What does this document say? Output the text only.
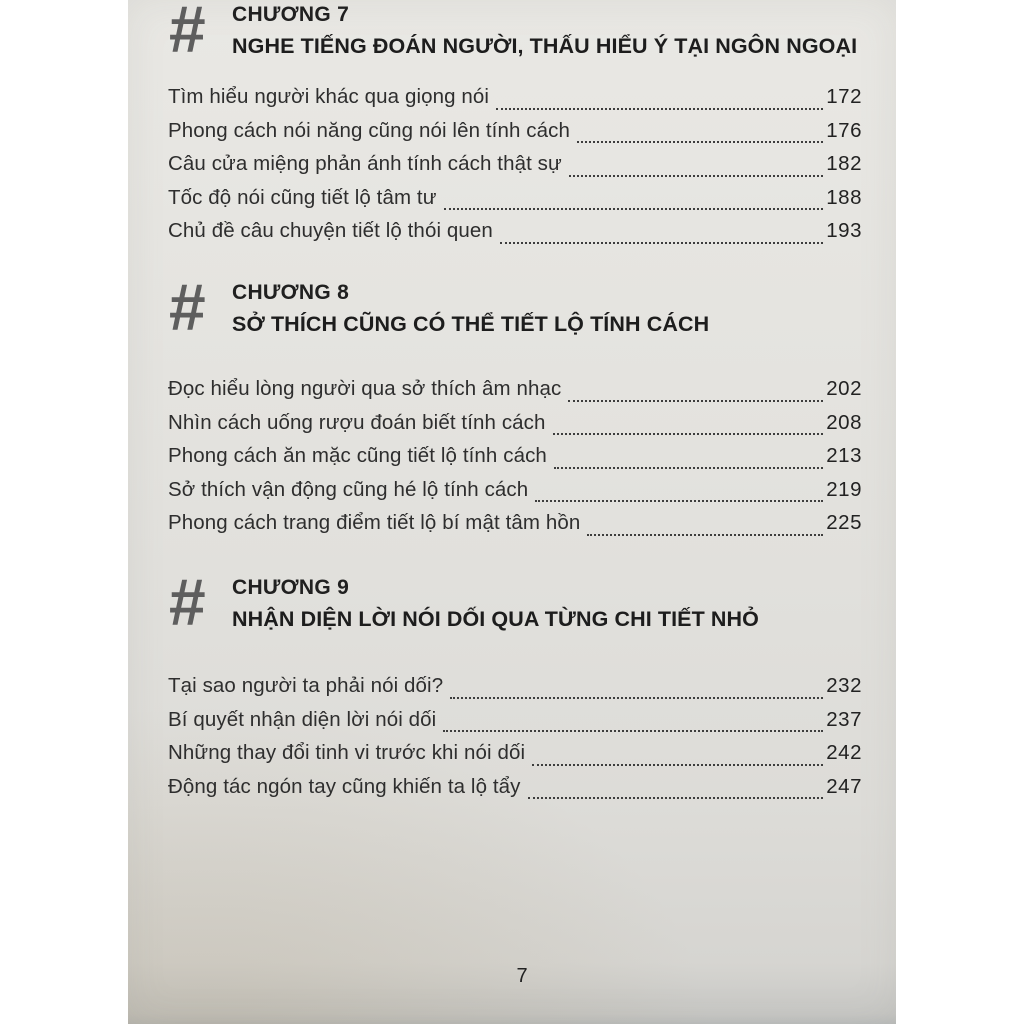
#	CHƯƠNG 7
NGHE TIẾNG ĐOÁN NGƯỜI, THẤU HIỂU Ý TẠI NGÔN NGOẠI
Tìm hiểu người khác qua giọng nói	172
Phong cách nói năng cũng nói lên tính cách	176
Câu cửa miệng phản ánh tính cách thật sự	182
Tốc độ nói cũng tiết lộ tâm tư	188
Chủ đề câu chuyện tiết lộ thói quen	193
#	CHƯƠNG 8
SỞ THÍCH CŨNG CÓ THỂ TIẾT LỘ TÍNH CÁCH
Đọc hiểu lòng người qua sở thích âm nhạc	202
Nhìn cách uống rượu đoán biết tính cách	208
Phong cách ăn mặc cũng tiết lộ tính cách	213
Sở thích vận động cũng hé lộ tính cách	219
Phong cách trang điểm tiết lộ bí mật tâm hồn	225
#	CHƯƠNG 9
NHẬN DIỆN LỜI NÓI DỐI QUA TỪNG CHI TIẾT NHỎ
Tại sao người ta phải nói dối?	232
Bí quyết nhận diện lời nói dối	237
Những thay đổi tinh vi trước khi nói dối	242
Động tác ngón tay cũng khiến ta lộ tẩy	247
7
